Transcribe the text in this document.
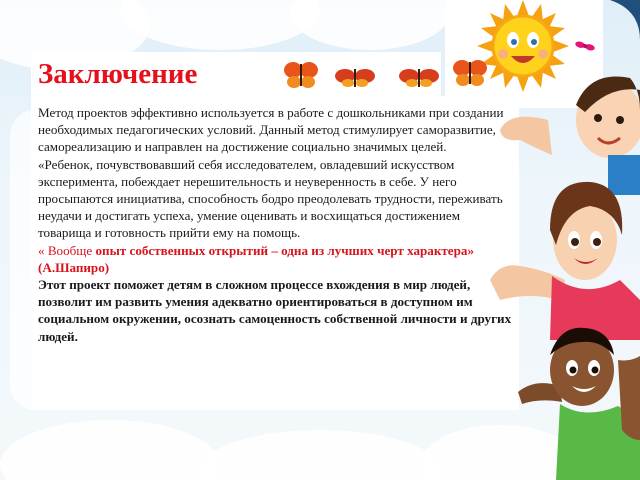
Заключение

Метод проектов эффективно используется в работе с дошкольниками при создании необходимых педагогических условий. Данный метод стимулирует саморазвитие, самореализацию и направлен на достижение социально значимых целей.

«Ребенок, почувствовавший себя исследователем, овладевший искусством эксперимента, побеждает нерешительность и неуверенность в себе. У него просыпаются инициатива, способность бодро преодолевать трудности, переживать неудачи и достигать успеха, умение оценивать и восхищаться достижением товарища и готовность прийти ему на помощь.

« Вообще опыт собственных открытий – одна из лучших черт характера»
(А.Шапиро)

Этот проект поможет детям в сложном процессе вхождения в мир людей, позволит им развить умения адекватно ориентироваться в доступном им социальном окружении, осознать самоценность собственной личности и других людей.
